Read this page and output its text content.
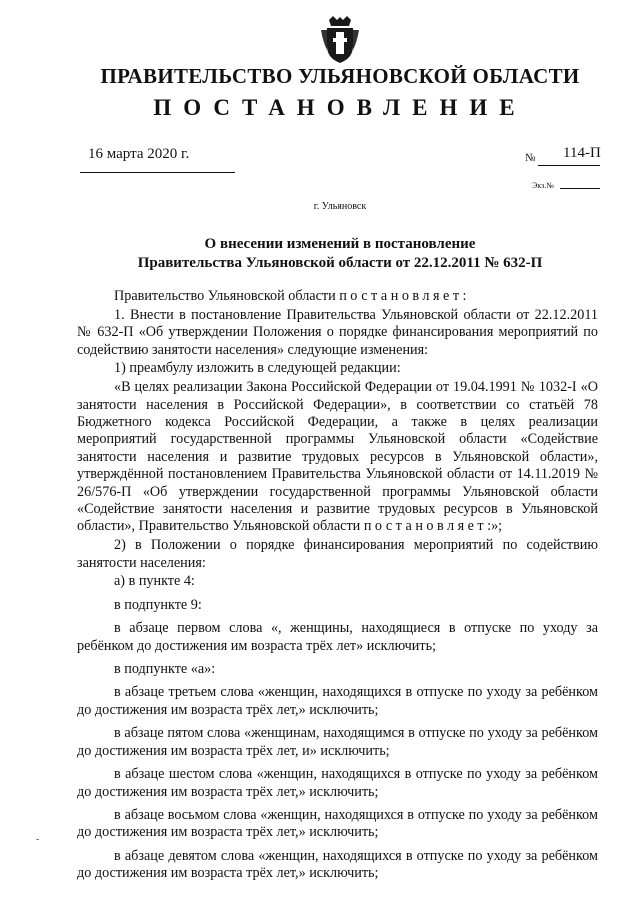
ПРАВИТЕЛЬСТВО УЛЬЯНОВСКОЙ ОБЛАСТИ
ПОСТАНОВЛЕНИЕ
16 марта 2020 г.	№ 114-П
Экз.№
г. Ульяновск
О внесении изменений в постановление
Правительства Ульяновской области от 22.12.2011 № 632-П

Правительство Ульяновской области постановляет:

1. Внести в постановление Правительства Ульяновской области от 22.12.2011 № 632-П «Об утверждении Положения о порядке финансирования мероприятий по содействию занятости населения» следующие изменения:

1) преамбулу изложить в следующей редакции:

«В целях реализации Закона Российской Федерации от 19.04.1991 № 1032-I «О занятости населения в Российской Федерации», в соответствии со статьёй 78 Бюджетного кодекса Российской Федерации, а также в целях реализации мероприятий государственной программы Ульяновской области «Содействие занятости населения и развитие трудовых ресурсов в Ульяновской области», утверждённой постановлением Правительства Ульяновской области от 14.11.2019 № 26/576-П «Об утверждении государственной программы Ульяновской области «Содействие занятости населения и развитие трудовых ресурсов в Ульяновской области», Правительство Ульяновской области постановляет:»;

2) в Положении о порядке финансирования мероприятий по содействию занятости населения:

а) в пункте 4:

в подпункте 9:

в абзаце первом слова «, женщины, находящиеся в отпуске по уходу за ребёнком до достижения им возраста трёх лет» исключить;

в подпункте «а»:

в абзаце третьем слова «женщин, находящихся в отпуске по уходу за ребёнком до достижения им возраста трёх лет,» исключить;

в абзаце пятом слова «женщинам, находящимся в отпуске по уходу за ребёнком до достижения им возраста трёх лет, и» исключить;

в абзаце шестом слова «женщин, находящихся в отпуске по уходу за ребёнком до достижения им возраста трёх лет,» исключить;

в абзаце восьмом слова «женщин, находящихся в отпуске по уходу за ребёнком до достижения им возраста трёх лет,» исключить;

в абзаце девятом слова «женщин, находящихся в отпуске по уходу за ребёнком до достижения им возраста трёх лет,» исключить;

-
